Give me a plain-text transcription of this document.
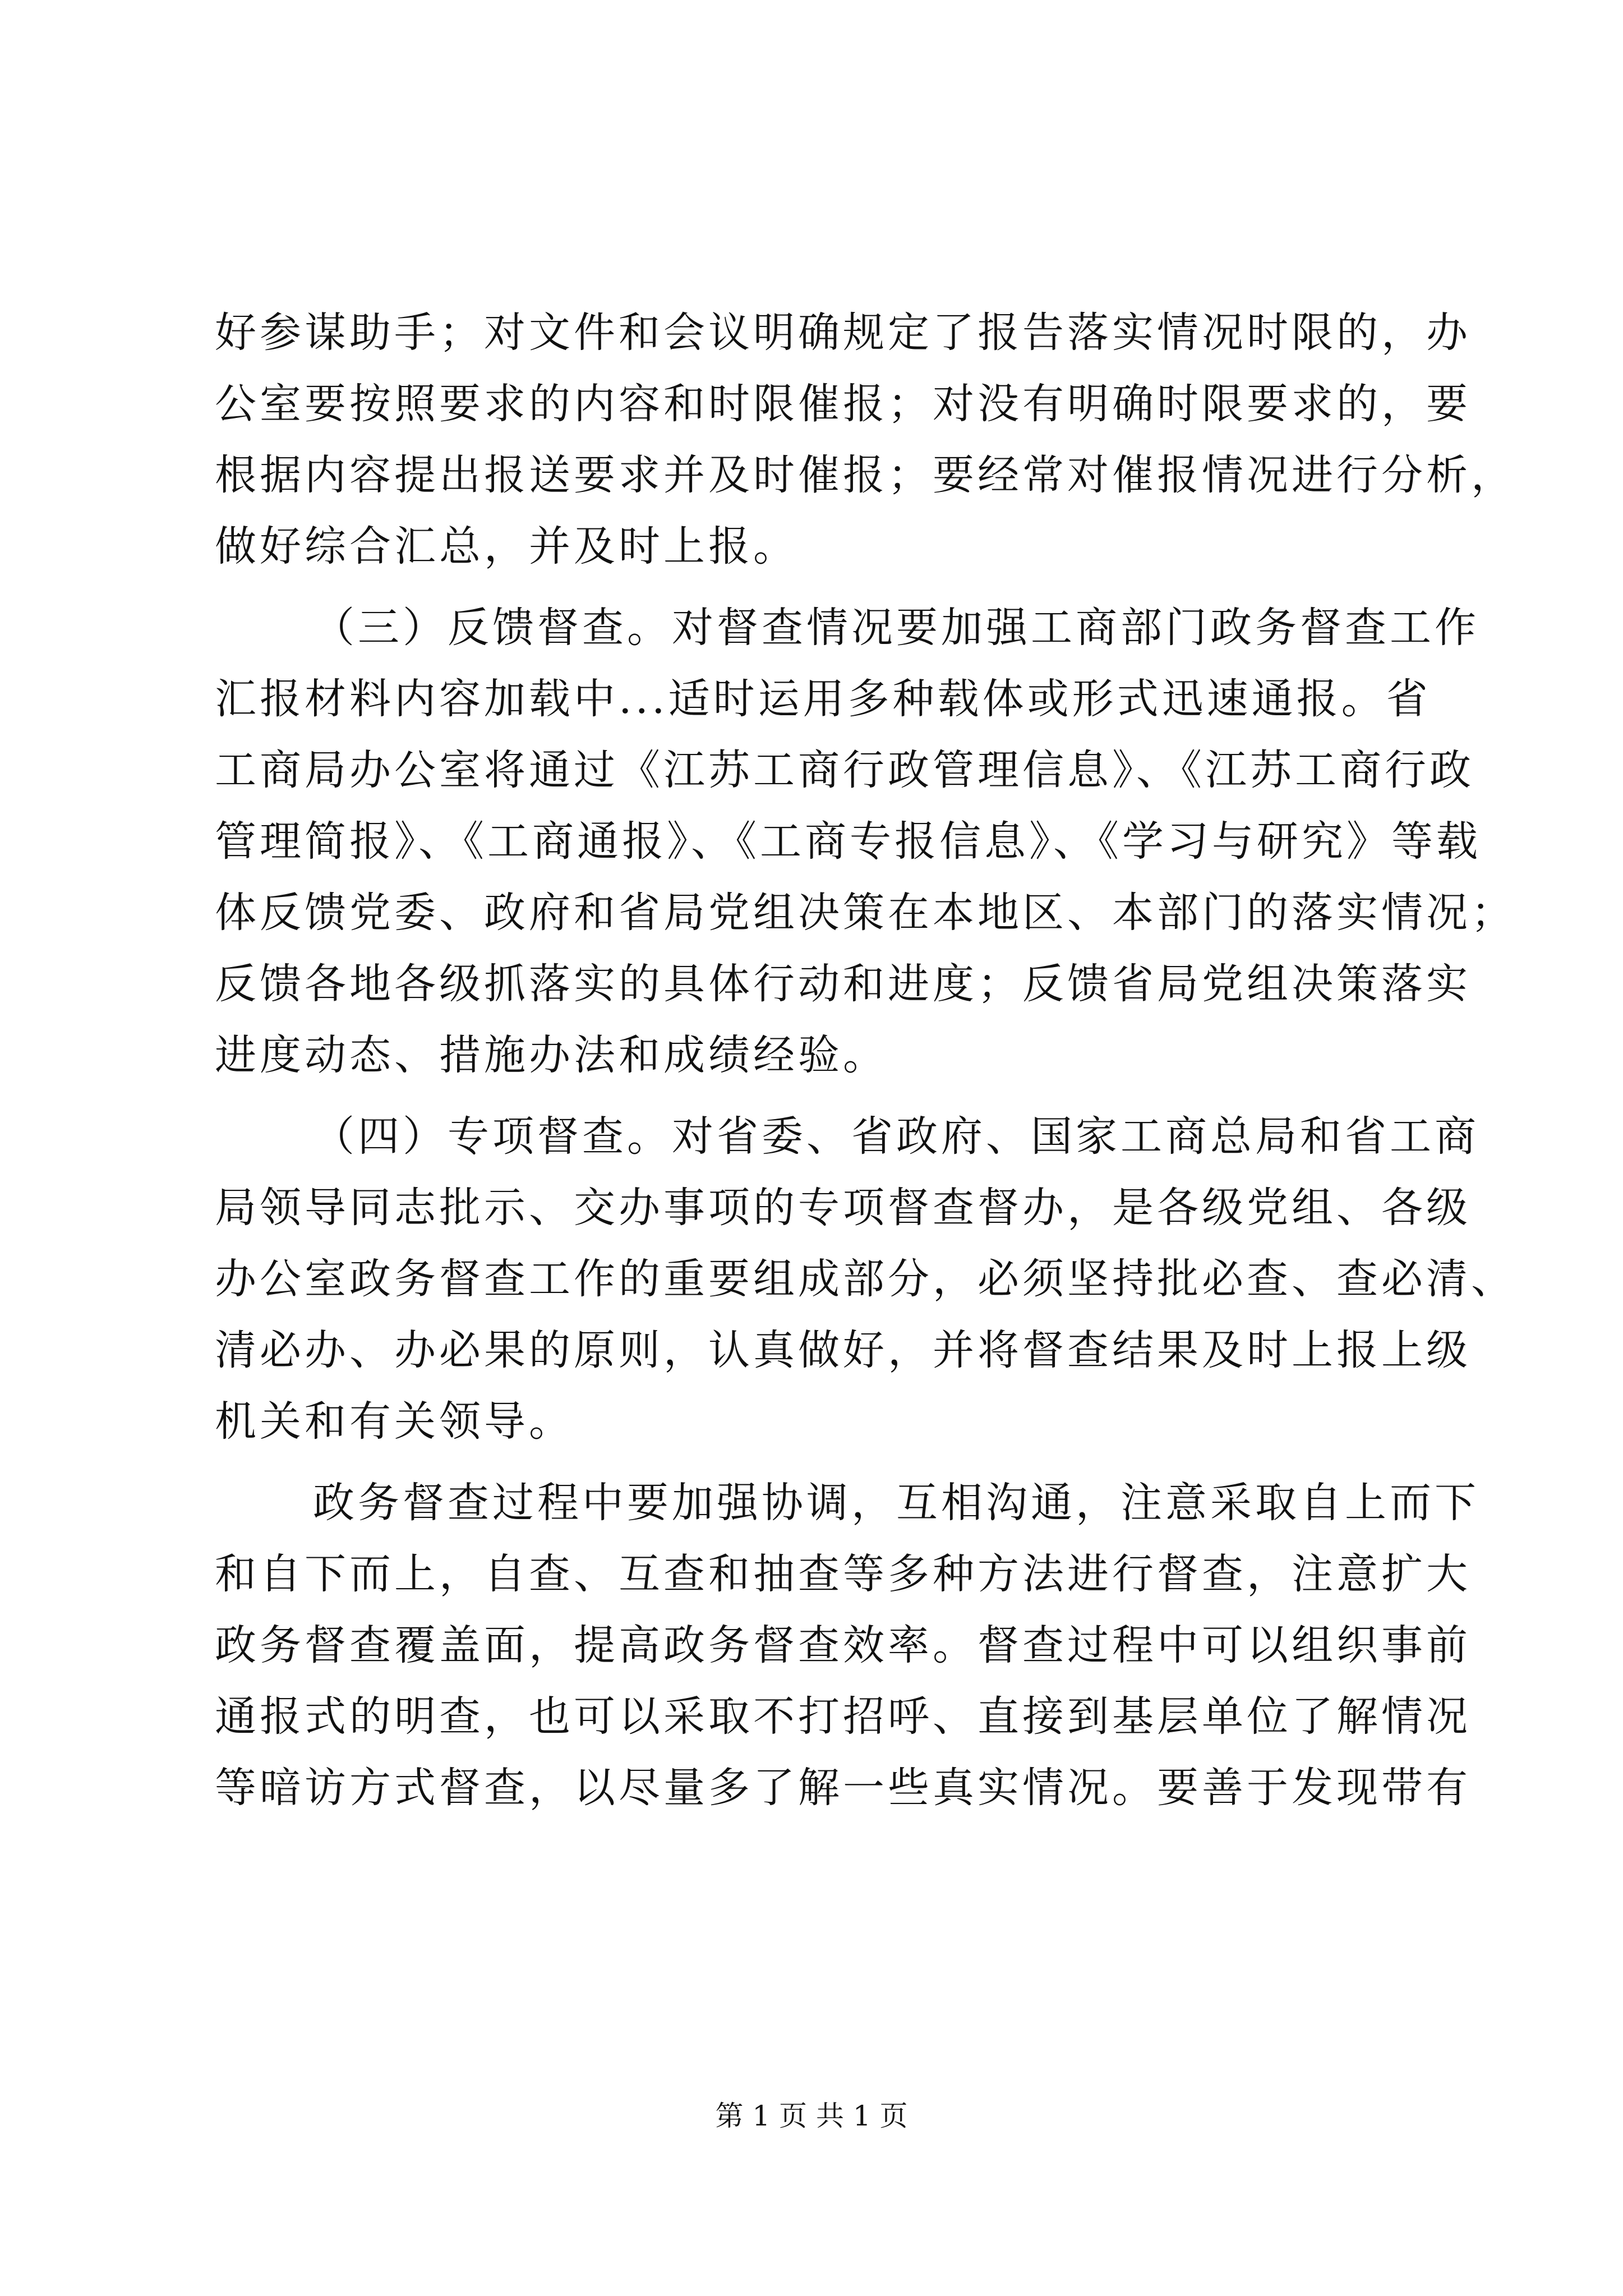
好参谋助手；对文件和会议明确规定了报告落实情况时限的，办
公室要按照要求的内容和时限催报；对没有明确时限要求的，要
根据内容提出报送要求并及时催报；要经常对催报情况进行分析，
做好综合汇总，并及时上报。
（三）反馈督查。对督查情况要加强工商部门政务督查工作
汇报材料内容加载中...适时运用多种载体或形式迅速通报。省
工商局办公室将通过《江苏工商行政管理信息》、《江苏工商行政
管理简报》、《工商通报》、《工商专报信息》、《学习与研究》等载
体反馈党委、政府和省局党组决策在本地区、本部门的落实情况；
反馈各地各级抓落实的具体行动和进度；反馈省局党组决策落实
进度动态、措施办法和成绩经验。
（四）专项督查。对省委、省政府、国家工商总局和省工商
局领导同志批示、交办事项的专项督查督办，是各级党组、各级
办公室政务督查工作的重要组成部分，必须坚持批必查、查必清、
清必办、办必果的原则，认真做好，并将督查结果及时上报上级
机关和有关领导。
政务督查过程中要加强协调，互相沟通，注意采取自上而下
和自下而上，自查、互查和抽查等多种方法进行督查，注意扩大
政务督查覆盖面，提高政务督查效率。督查过程中可以组织事前
通报式的明查，也可以采取不打招呼、直接到基层单位了解情况
等暗访方式督查，以尽量多了解一些真实情况。要善于发现带有
第 1 页 共 1 页
